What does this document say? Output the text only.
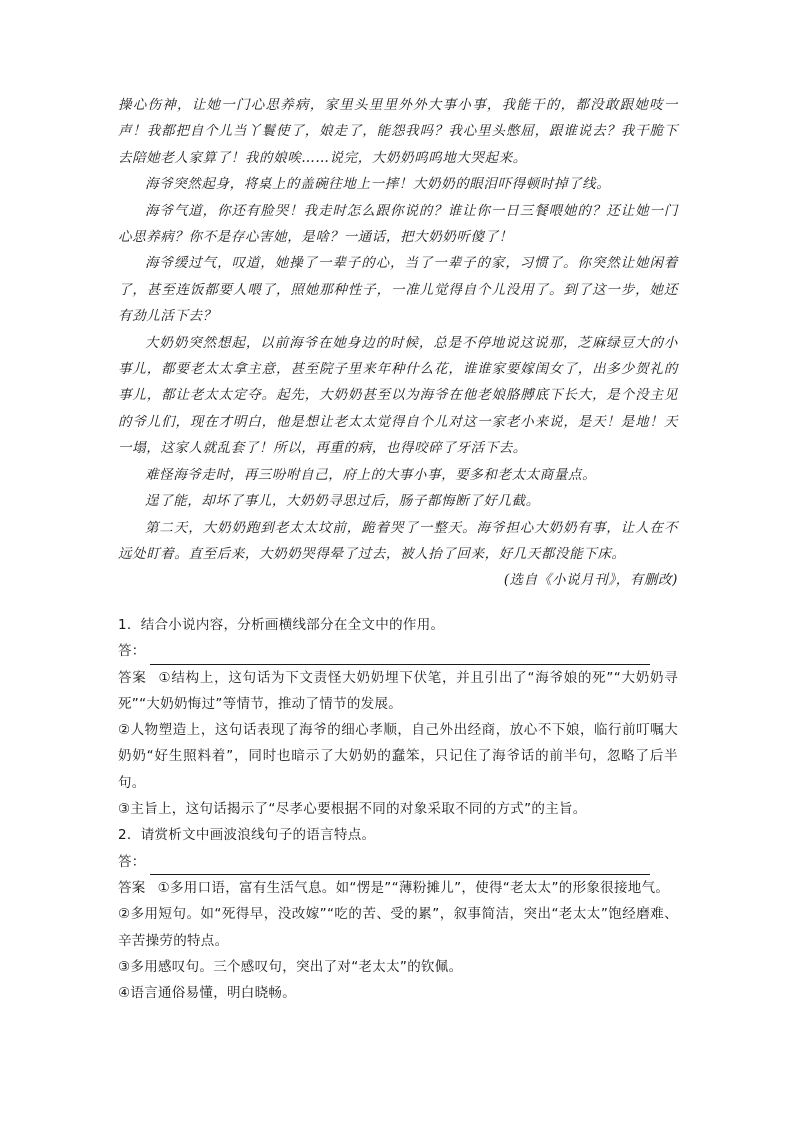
操心伤神，让她一门心思养病，家里头里里外外大事小事，我能干的，都没敢跟她吱一声！我都把自个儿当丫鬟使了，娘走了，能怨我吗？我心里头憋屈，跟谁说去？我干脆下去陪她老人家算了！我的娘唉……说完，大奶奶呜呜地大哭起来。

海爷突然起身，将桌上的盖碗往地上一摔！大奶奶的眼泪吓得顿时掉了线。

海爷气道，你还有脸哭！我走时怎么跟你说的？谁让你一日三餐喂她的？还让她一门心思养病？你不是存心害她，是啥？一通话，把大奶奶听傻了！

海爷缓过气，叹道，她操了一辈子的心，当了一辈子的家，习惯了。你突然让她闲着了，甚至连饭都要人喂了，照她那种性子，一准儿觉得自个儿没用了。到了这一步，她还有劲儿活下去？

大奶奶突然想起，以前海爷在她身边的时候，总是不停地说这说那，芝麻绿豆大的小事儿，都要老太太拿主意，甚至院子里来年种什么花，谁谁家要嫁闺女了，出多少贺礼的事儿，都让老太太定夺。起先，大奶奶甚至以为海爷在他老娘胳膊底下长大，是个没主见的爷儿们，现在才明白，他是想让老太太觉得自个儿对这一家老小来说，是天！是地！天一塌，这家人就乱套了！所以，再重的病，也得咬碎了牙活下去。

难怪海爷走时，再三吩咐自己，府上的大事小事，要多和老太太商量点。

逞了能，却坏了事儿，大奶奶寻思过后，肠子都悔断了好几截。

第二天，大奶奶跑到老太太坟前，跪着哭了一整天。海爷担心大奶奶有事，让人在不远处盯着。直至后来，大奶奶哭得晕了过去，被人抬了回来，好几天都没能下床。

(选自《小说月刊》，有删改)

1．结合小说内容，分析画横线部分在全文中的作用。

答：

答案 ①结构上，这句话为下文责怪大奶奶埋下伏笔，并且引出了“海爷娘的死”“大奶奶寻死”“大奶奶悔过”等情节，推动了情节的发展。

②人物塑造上，这句话表现了海爷的细心孝顺，自己外出经商，放心不下娘，临行前叮嘱大奶奶“好生照料着”，同时也暗示了大奶奶的蠢笨，只记住了海爷话的前半句，忽略了后半句。

③主旨上，这句话揭示了“尽孝心要根据不同的对象采取不同的方式”的主旨。

2．请赏析文中画波浪线句子的语言特点。

答：

答案 ①多用口语，富有生活气息。如“愣是”“薄粉摊儿”，使得“老太太”的形象很接地气。

②多用短句。如“死得早，没改嫁”“吃的苦、受的累”，叙事简洁，突出“老太太”饱经磨难、辛苦操劳的特点。

③多用感叹句。三个感叹句，突出了对“老太太”的钦佩。

④语言通俗易懂，明白晓畅。
